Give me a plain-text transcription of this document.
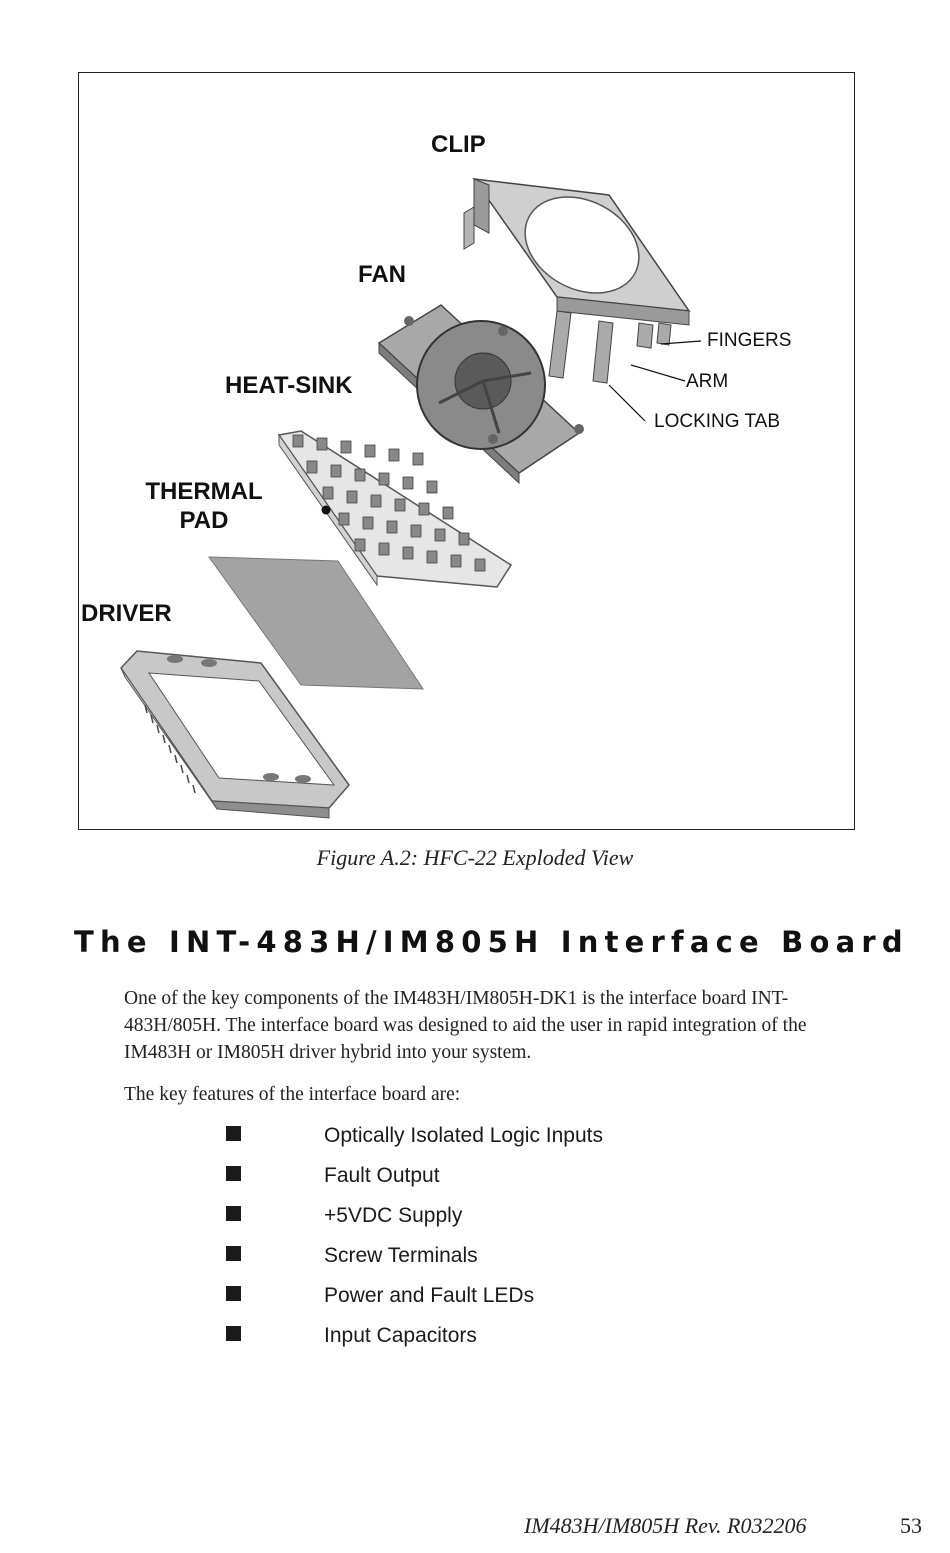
CLIP
FAN
HEAT-SINK
THERMAL
PAD
DRIVER
FINGERS
ARM
LOCKING TAB
Figure A.2: HFC-22 Exploded View
The INT-483H/IM805H Interface Board
One of the key components of the IM483H/IM805H-DK1 is the interface board INT-
483H/805H. The interface board was designed to aid the user in rapid integration of the
IM483H or IM805H driver hybrid into your system.
The key features of the interface board are:
Optically Isolated Logic Inputs
Fault Output
+5VDC Supply
Screw Terminals
Power and Fault LEDs
Input Capacitors
IM483H/IM805H Rev. R032206	53
